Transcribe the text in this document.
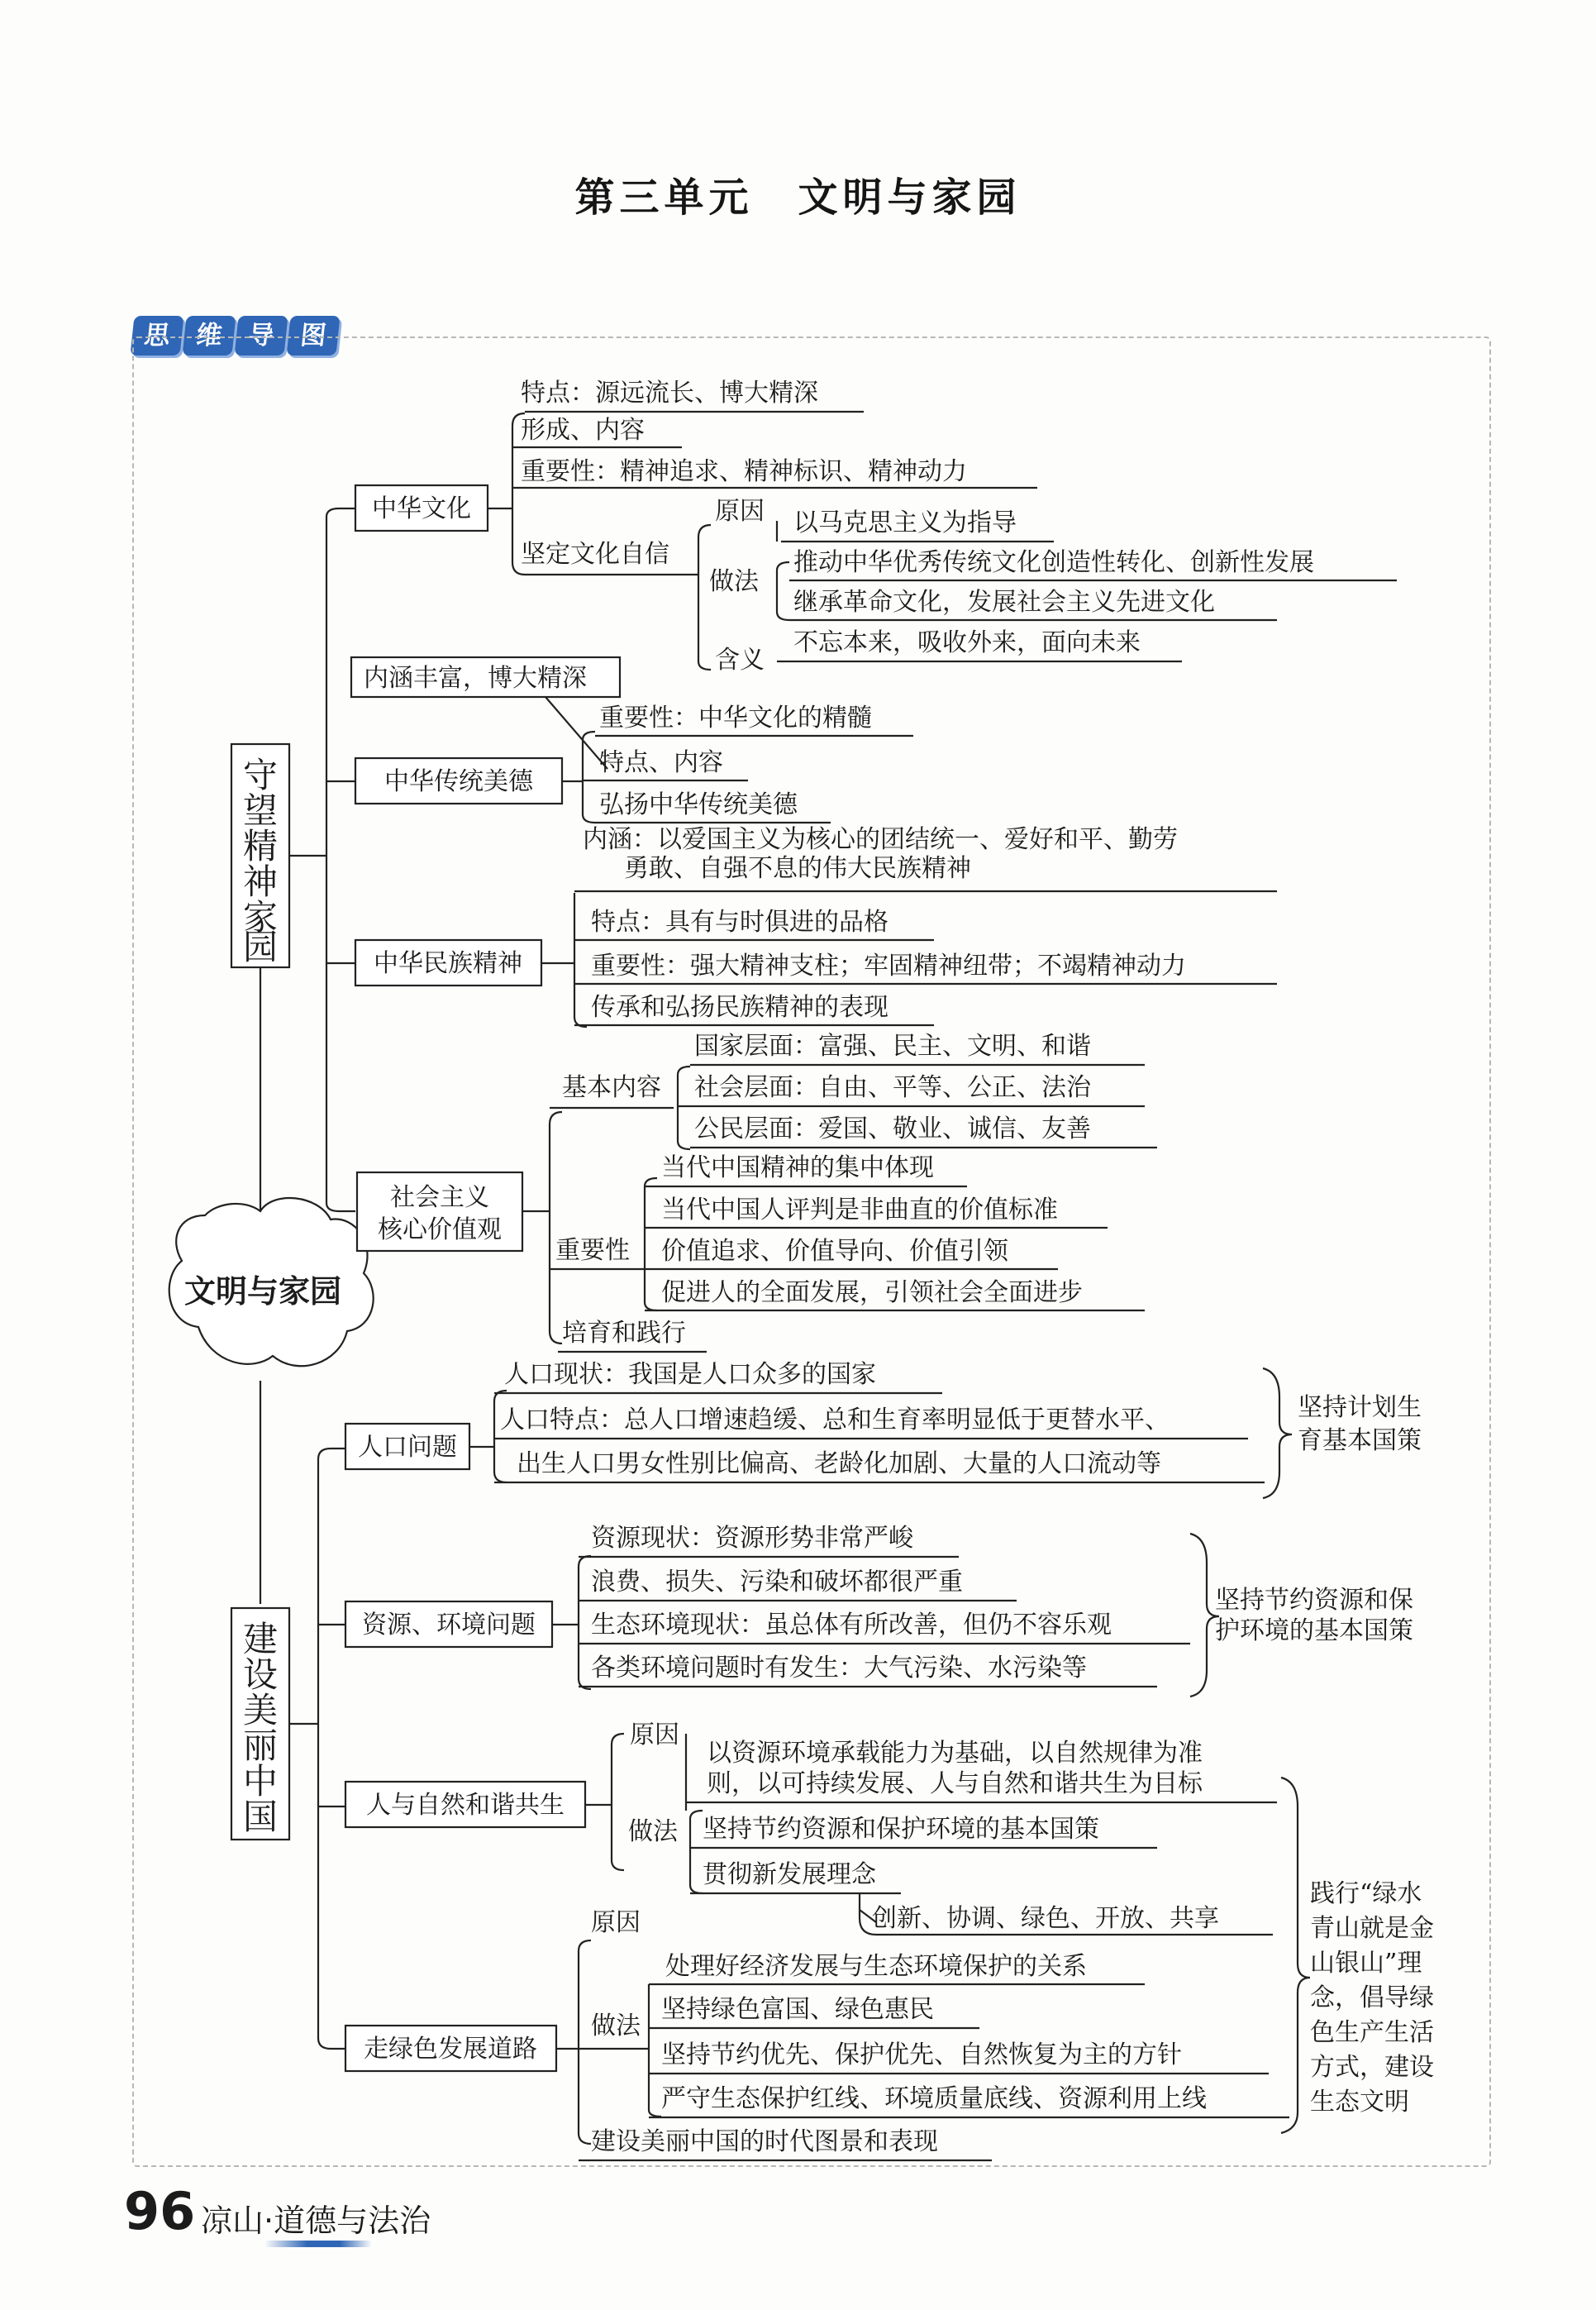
第三单元　文明与家园
思 维 导 图
文明与家园
守
望
精
神
家
园
中华文化
特点：源远流长、博大精深
形成、内容
重要性：精神追求、精神标识、精神动力
坚定文化自信
原因 以马克思主义为指导
做法
推动中华优秀传统文化创造性转化、创新性发展
继承革命文化，发展社会主义先进文化
含义
不忘本来，吸收外来，面向未来
内涵丰富，博大精深
中华传统美德
重要性：中华文化的精髓
特点、内容
弘扬中华传统美德
内涵：以爱国主义为核心的团结统一、爱好和平、勤劳
勇敢、自强不息的伟大民族精神
中华民族精神
特点：具有与时俱进的品格
重要性：强大精神支柱；牢固精神纽带；不竭精神动力
传承和弘扬民族精神的表现
社会主义
核心价值观
基本内容
国家层面：富强、民主、文明、和谐
社会层面：自由、平等、公正、法治
公民层面：爱国、敬业、诚信、友善
重要性
当代中国精神的集中体现
当代中国人评判是非曲直的价值标准
价值追求、价值导向、价值引领
促进人的全面发展，引领社会全面进步
培育和践行
建
设
美
丽
中
国
人口问题
人口现状：我国是人口众多的国家
人口特点：总人口增速趋缓、总和生育率明显低于更替水平、
出生人口男女性别比偏高、老龄化加剧、大量的人口流动等
坚持计划生
育基本国策
资源、环境问题
资源现状：资源形势非常严峻
浪费、损失、污染和破坏都很严重
生态环境现状：虽总体有所改善，但仍不容乐观
各类环境问题时有发生：大气污染、水污染等
坚持节约资源和保
护环境的基本国策
人与自然和谐共生
原因
以资源环境承载能力为基础，以自然规律为准
则，以可持续发展、人与自然和谐共生为目标
做法 坚持节约资源和保护环境的基本国策
贯彻新发展理念
创新、协调、绿色、开放、共享
走绿色发展道路
原因
处理好经济发展与生态环境保护的关系
做法
坚持绿色富国、绿色惠民
坚持节约优先、保护优先、自然恢复为主的方针
严守生态保护红线、环境质量底线、资源利用上线
建设美丽中国的时代图景和表现
践行“绿水
青山就是金
山银山”理
念，倡导绿
色生产生活
方式，建设
生态文明
96 凉山·道德与法治
